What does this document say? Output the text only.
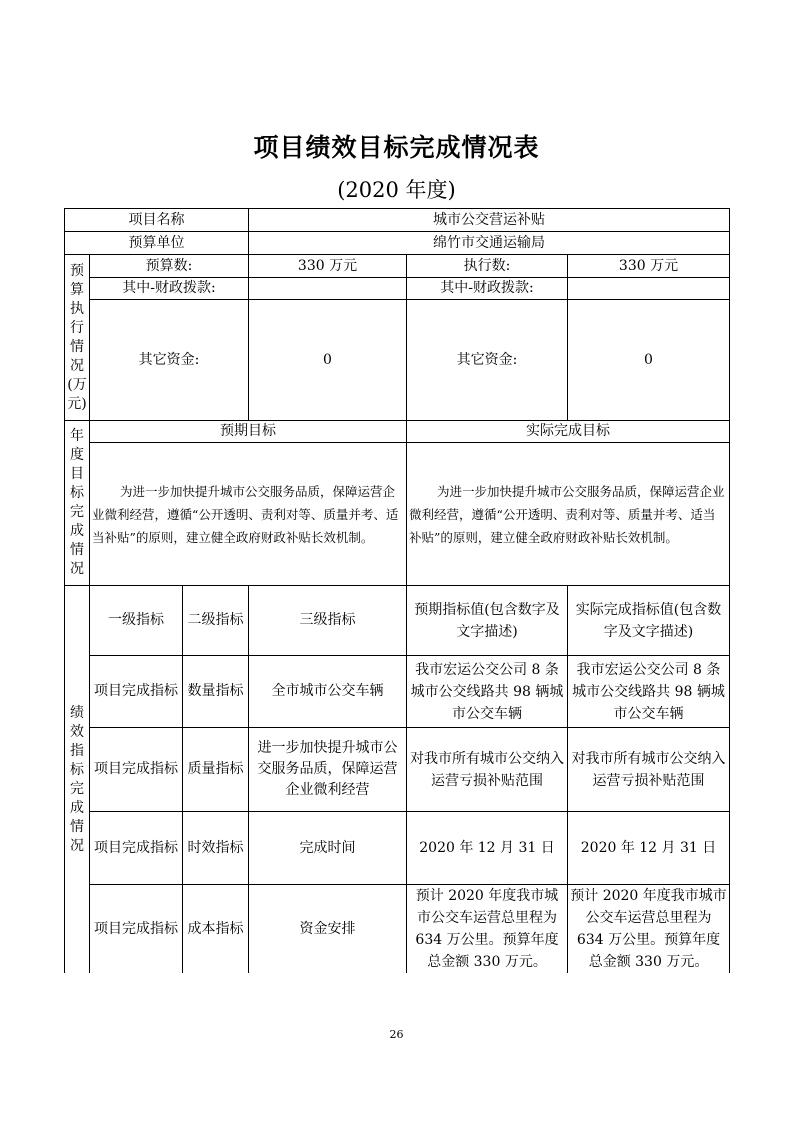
项目绩效目标完成情况表
(2020 年度)
项目名称			城市公交营运补贴		
预算单位			绵竹市交通运输局		
预算执行情况(万元)	预算数:		330 万元	执行数:	330 万元
	其中-财政拨款:			其中-财政拨款:	
	其它资金:		0	其它资金:	0
年度目标完成情况	预期目标			实际完成目标	
	为进一步加快提升城市公交服务品质，保障运营企业微利经营，遵循“公开透明、责利对等、质量并考、适当补贴”的原则，建立健全政府财政补贴长效机制。			为进一步加快提升城市公交服务品质，保障运营企业微利经营，遵循“公开透明、责利对等、质量并考、适当补贴”的原则，建立健全政府财政补贴长效机制。	
绩效指标完成情况	一级指标	二级指标	三级指标	预期指标值(包含数字及文字描述)	实际完成指标值(包含数字及文字描述)
	项目完成指标	数量指标	全市城市公交车辆	我市宏运公交公司 8 条城市公交线路共 98 辆城市公交车辆	我市宏运公交公司 8 条城市公交线路共 98 辆城市公交车辆
	项目完成指标	质量指标	进一步加快提升城市公交服务品质，保障运营企业微利经营	对我市所有城市公交纳入运营亏损补贴范围	对我市所有城市公交纳入运营亏损补贴范围
	项目完成指标	时效指标	完成时间	2020 年 12 月 31 日	2020 年 12 月 31 日
	项目完成指标	成本指标	资金安排	预计 2020 年度我市城市公交车运营总里程为 634 万公里。预算年度总金额 330 万元。	预计 2020 年度我市城市公交车运营总里程为 634 万公里。预算年度总金额 330 万元。
26
